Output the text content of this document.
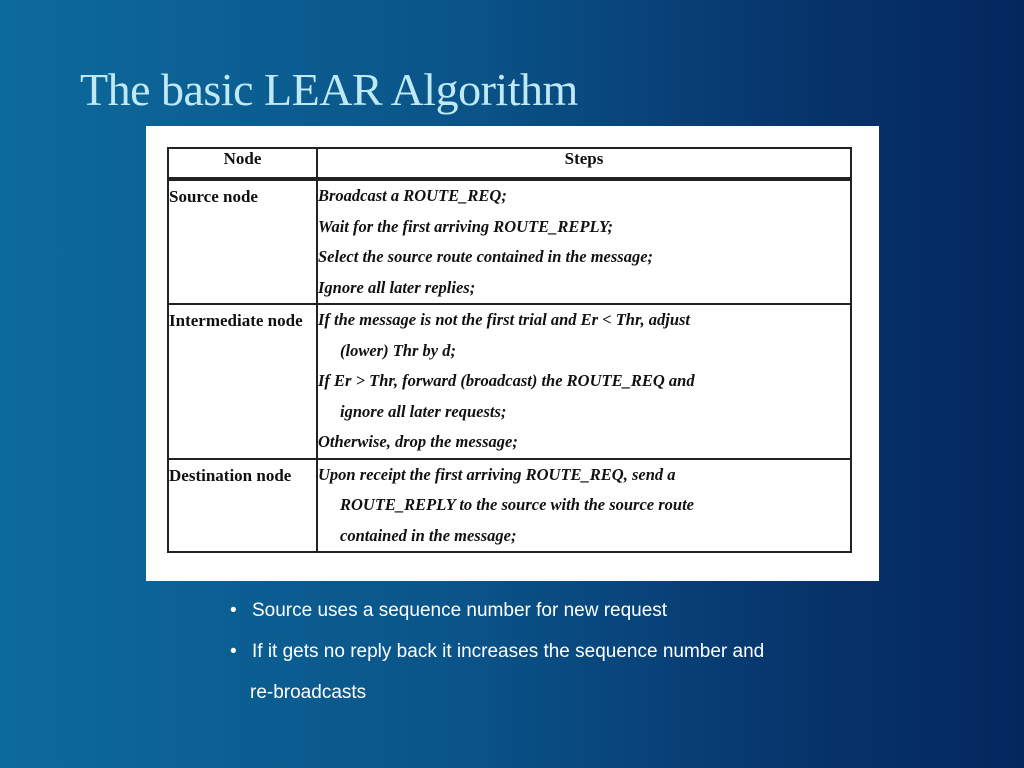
The basic LEAR Algorithm
Node	Steps
Source node	Broadcast a ROUTE_REQ;
Wait for the first arriving ROUTE_REPLY;
Select the source route contained in the message;
Ignore all later replies;

Intermediate node	If the message is not the first trial and Er < Thr, adjust
(lower) Thr by d;
If Er > Thr, forward (broadcast) the ROUTE_REQ and
ignore all later requests;
Otherwise, drop the message;

Destination node	Upon receipt the first arriving ROUTE_REQ, send a
ROUTE_REPLY to the source with the source route
contained in the message;
• Source uses a sequence number for new request
• If it gets no reply back it increases the sequence number and
re-broadcasts
